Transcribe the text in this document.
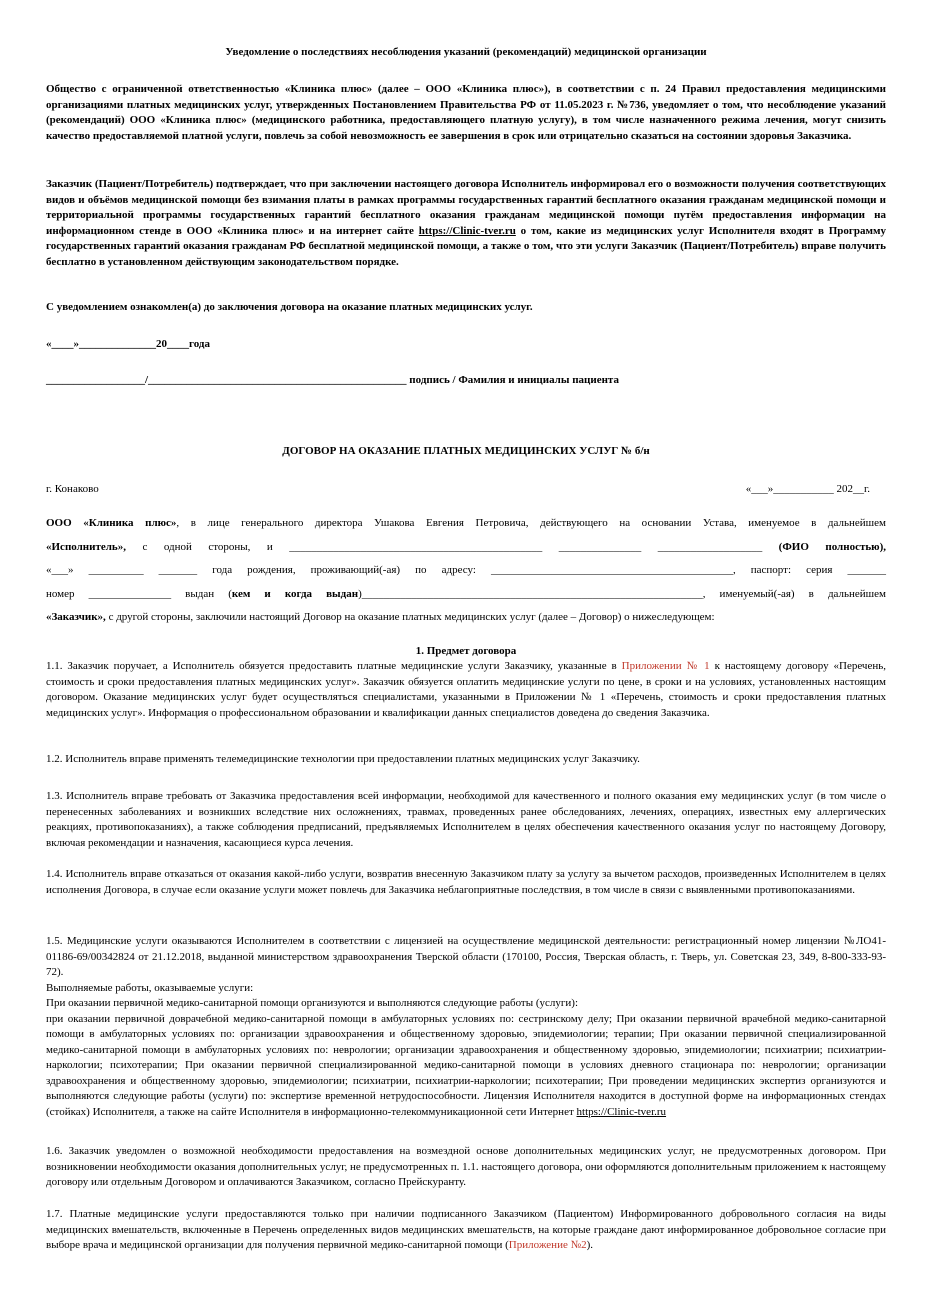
Уведомление о последствиях несоблюдения указаний (рекомендаций) медицинской организации

Общество с ограниченной ответственностью «Клиника плюс» (далее – ООО «Клиника плюс»), в соответствии с п. 24 Правил предоставления медицинскими организациями платных медицинских услуг, утвержденных Постановлением Правительства РФ от 11.05.2023 г. №736, уведомляет о том, что несоблюдение указаний (рекомендаций) ООО «Клиника плюс» (медицинского работника, предоставляющего платную услугу), в том числе назначенного режима лечения, могут снизить качество предоставляемой платной услуги, повлечь за собой невозможность ее завершения в срок или отрицательно сказаться на состоянии здоровья Заказчика.

Заказчик (Пациент/Потребитель) подтверждает, что при заключении настоящего договора Исполнитель информировал его о возможности получения соответствующих видов и объёмов медицинской помощи без взимания платы в рамках программы государственных гарантий бесплатного оказания гражданам медицинской помощи и территориальной программы государственных гарантий бесплатного оказания гражданам медицинской помощи путём предоставления информации на информационном стенде в ООО «Клиника плюс» и на интернет сайте https://Clinic-tver.ru о том, какие из медицинских услуг Исполнителя входят в Программу государственных гарантий оказания гражданам РФ бесплатной медицинской помощи, а также о том, что эти услуги Заказчик (Пациент/Потребитель) вправе получить бесплатно в установленном действующим законодательством порядке.

С уведомлением ознакомлен(а) до заключения договора на оказание платных медицинских услуг.

«____»______________20____года

__________________/_______________________________________________ подпись / Фамилия и инициалы пациента

ДОГОВОР НА ОКАЗАНИЕ ПЛАТНЫХ МЕДИЦИНСКИХ УСЛУГ № б/н

г. Конаково	«___»___________ 202__г.
ООО «Клиника плюс», в лице генерального директора Ушакова Евгения Петровича, действующего на основании Устава, именуемое в дальнейшем
«Исполнитель», с одной стороны, и ______________________________________________ _______________ ___________________ (ФИО полностью),
«___» __________ _______ года рождения, проживающий(-ая) по адресу: ____________________________________________, паспорт: серия _______
номер _______________ выдан (кем и когда выдан)______________________________________________________________, именуемый(-ая) в дальнейшем
«Заказчик», с другой стороны, заключили настоящий Договор на оказание платных медицинских услуг (далее – Договор) о нижеследующем:

1. Предмет договора

1.1. Заказчик поручает, а Исполнитель обязуется предоставить платные медицинские услуги Заказчику, указанные в Приложении № 1 к настоящему договору «Перечень, стоимость и сроки предоставления платных медицинских услуг». Заказчик обязуется оплатить медицинские услуги по цене, в сроки и на условиях, установленных настоящим договором. Оказание медицинских услуг будет осуществляться специалистами, указанными в Приложении № 1 «Перечень, стоимость и сроки предоставления платных медицинских услуг». Информация о профессиональном образовании и квалификации данных специалистов доведена до сведения Заказчика.

1.2. Исполнитель вправе применять телемедицинские технологии при предоставлении платных медицинских услуг Заказчику.

1.3. Исполнитель вправе требовать от Заказчика предоставления всей информации, необходимой для качественного и полного оказания ему медицинских услуг (в том числе о перенесенных заболеваниях и возникших вследствие них осложнениях, травмах, проведенных ранее обследованиях, лечениях, операциях, известных ему аллергических реакциях, противопоказаниях), а также соблюдения предписаний, предъявляемых Исполнителем в целях обеспечения качественного оказания услуг по настоящему Договору, включая рекомендации и назначения, касающиеся курса лечения.

1.4. Исполнитель вправе отказаться от оказания какой-либо услуги, возвратив внесенную Заказчиком плату за услугу за вычетом расходов, произведенных Исполнителем в целях исполнения Договора, в случае если оказание услуги может повлечь для Заказчика неблагоприятные последствия, в том числе в связи с выявленными противопоказаниями.

1.5. Медицинские услуги оказываются Исполнителем в соответствии с лицензией на осуществление медицинской деятельности: регистрационный номер лицензии №ЛО41-01186-69/00342824 от 21.12.2018, выданной министерством здравоохранения Тверской области (170100, Россия, Тверская область, г. Тверь, ул. Советская 23, 349, 8-800-333-93-72).

Выполняемые работы, оказываемые услуги:

При оказании первичной медико-санитарной помощи организуются и выполняются следующие работы (услуги):

при оказании первичной доврачебной медико-санитарной помощи в амбулаторных условиях по: сестринскому делу; При оказании первичной врачебной медико-санитарной помощи в амбулаторных условиях по: организации здравоохранения и общественному здоровью, эпидемиологии; терапии; При оказании первичной специализированной медико-санитарной помощи в амбулаторных условиях по: неврологии; организации здравоохранения и общественному здоровью, эпидемиологии; психиатрии; психиатрии-наркологии; психотерапии; При оказании первичной специализированной медико-санитарной помощи в условиях дневного стационара по: неврологии; организации здравоохранения и общественному здоровью, эпидемиологии; психиатрии, психиатрии-наркологии; психотерапии; При проведении медицинских экспертиз организуются и выполняются следующие работы (услуги) по: экспертизе временной нетрудоспособности. Лицензия Исполнителя находится в доступной форме на информационных стендах (стойках) Исполнителя, а также на сайте Исполнителя в информационно-телекоммуникационной сети Интернет https://Clinic-tver.ru

1.6. Заказчик уведомлен о возможной необходимости предоставления на возмездной основе дополнительных медицинских услуг, не предусмотренных договором. При возникновении необходимости оказания дополнительных услуг, не предусмотренных п. 1.1. настоящего договора, они оформляются дополнительным приложением к настоящему договору или отдельным Договором и оплачиваются Заказчиком, согласно Прейскуранту.

1.7. Платные медицинские услуги предоставляются только при наличии подписанного Заказчиком (Пациентом) Информированного добровольного согласия на виды медицинских вмешательств, включенные в Перечень определенных видов медицинских вмешательств, на которые граждане дают информированное добровольное согласие при выборе врача и медицинской организации для получения первичной медико-санитарной помощи (Приложение №2).
